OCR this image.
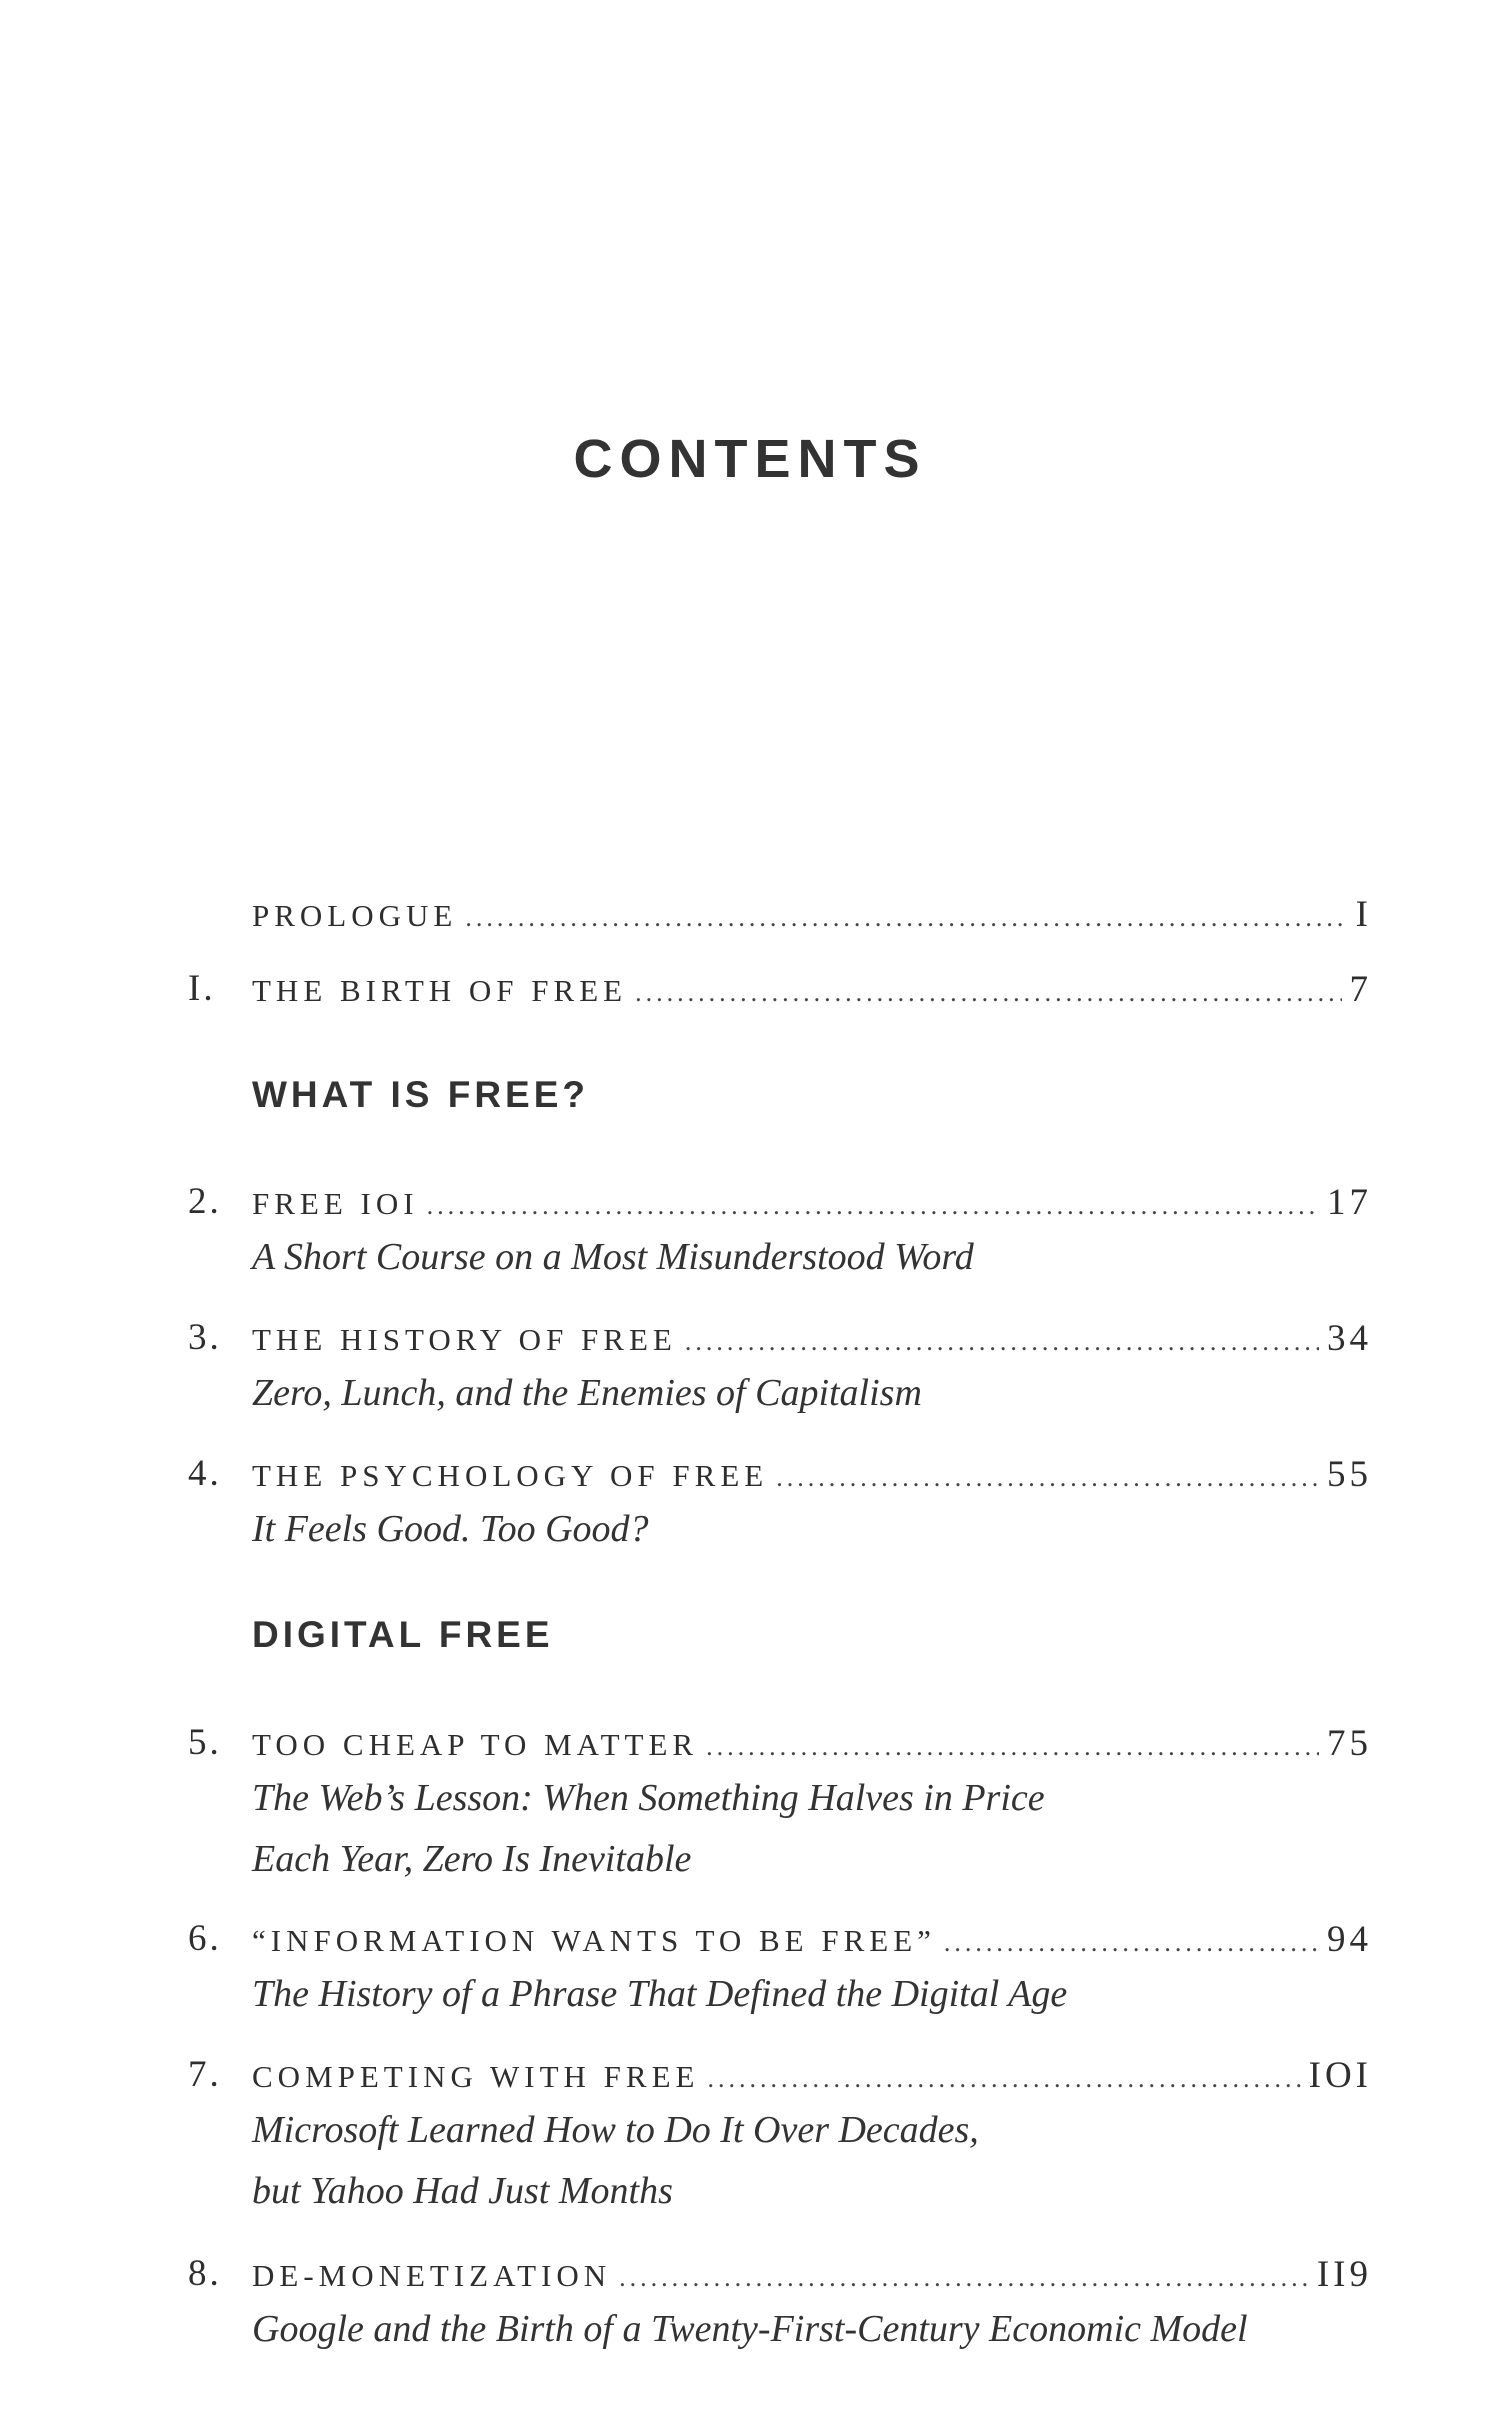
CONTENTS
PROLOGUE .....	I
I.	THE BIRTH OF FREE .....	7
WHAT IS FREE?
2. FREE IOI .....	17
A Short Course on a Most Misunderstood Word
3. THE HISTORY OF FREE .....	34
Zero, Lunch, and the Enemies of Capitalism
4. THE PSYCHOLOGY OF FREE .....	55
It Feels Good. Too Good?
DIGITAL FREE
5. TOO CHEAP TO MATTER .....	75
The Web’s Lesson: When Something Halves in Price
Each Year, Zero Is Inevitable
6. “INFORMATION WANTS TO BE FREE” .....	94
The History of a Phrase That Defined the Digital Age
7. COMPETING WITH FREE .....	IOI
Microsoft Learned How to Do It Over Decades,
but Yahoo Had Just Months
8. DE-MONETIZATION .....	II9
Google and the Birth of a Twenty-First-Century Economic Model
